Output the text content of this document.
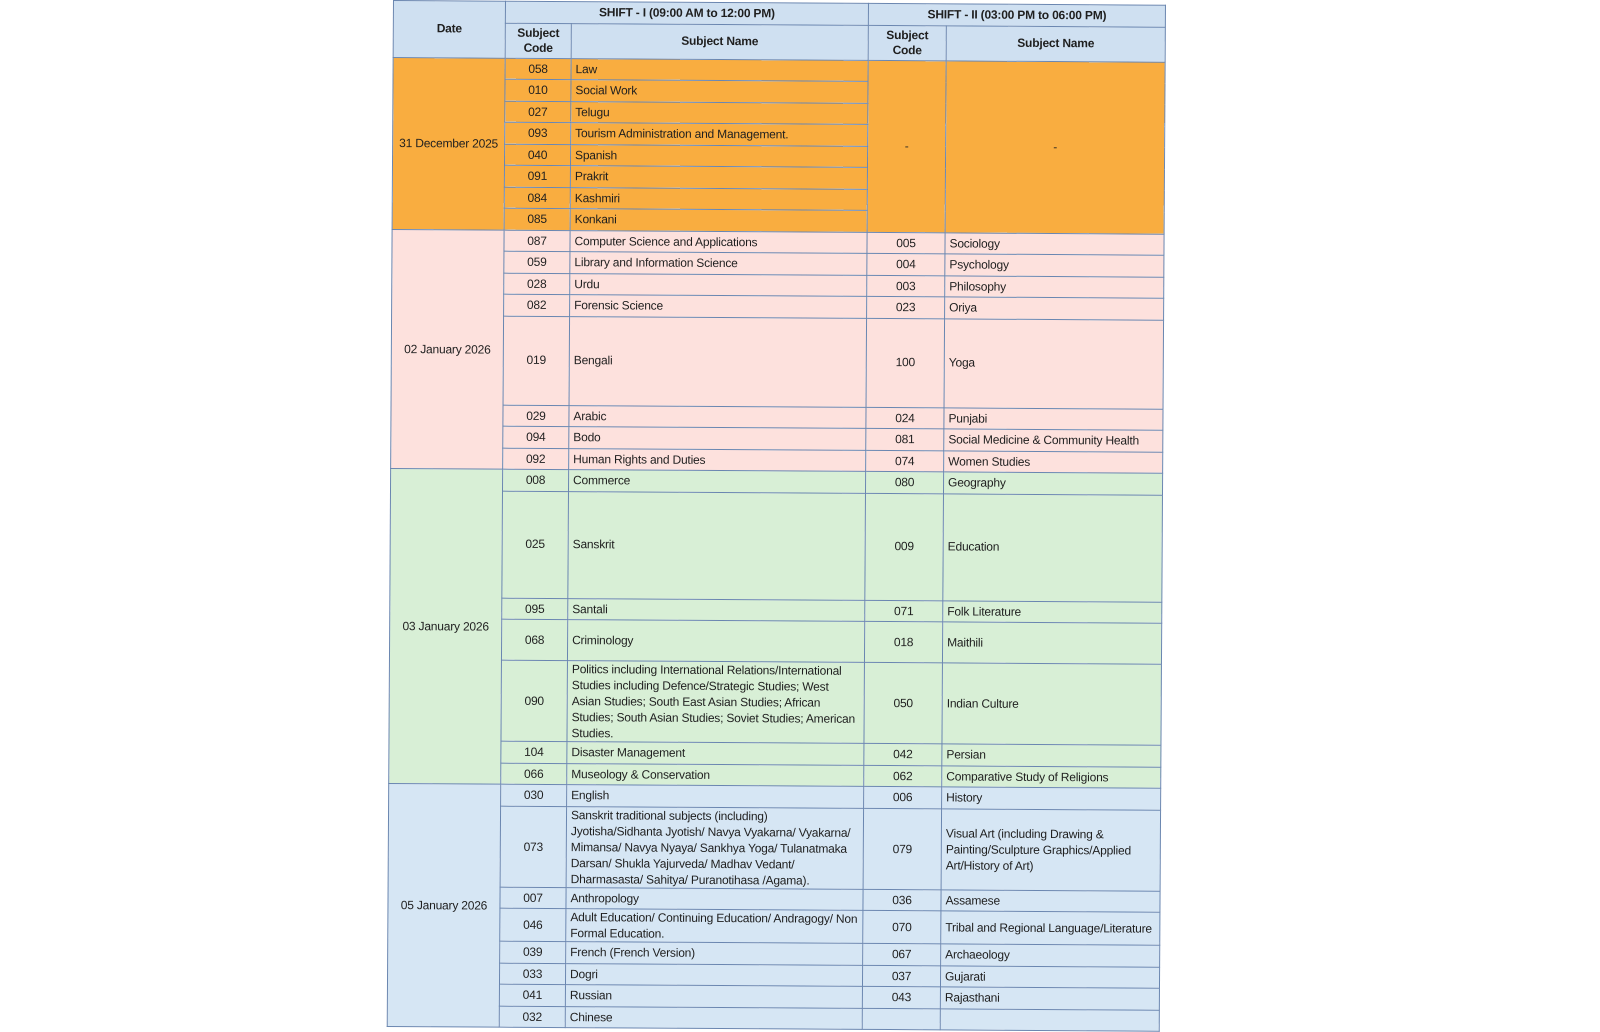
Date	SHIFT - I (09:00 AM to 12:00 PM)		SHIFT - II (03:00 PM to 06:00 PM)	
	Subject Code	Subject Name	Subject Code	Subject Name
31 December 2025	058	Law	-	-
	010	Social Work		
	027	Telugu		
	093	Tourism Administration and Management.		
	040	Spanish		
	091	Prakrit		
	084	Kashmiri		
	085	Konkani		
02 January 2026	087	Computer Science and Applications	005	Sociology
	059	Library and Information Science	004	Psychology
	028	Urdu	003	Philosophy
	082	Forensic Science	023	Oriya
	019	Bengali	100	Yoga
	029	Arabic	024	Punjabi
	094	Bodo	081	Social Medicine & Community Health
	092	Human Rights and Duties	074	Women Studies
03 January 2026	008	Commerce	080	Geography
	025	Sanskrit	009	Education
	095	Santali	071	Folk Literature
	068	Criminology	018	Maithili
	090	Politics including International Relations/International Studies including Defence/Strategic Studies; West Asian Studies; South East Asian Studies; African Studies; South Asian Studies; Soviet Studies; American Studies.	050	Indian Culture
	104	Disaster Management	042	Persian
	066	Museology & Conservation	062	Comparative Study of Religions
05 January 2026	030	English	006	History
	073	Sanskrit traditional subjects (including) Jyotisha/Sidhanta Jyotish/ Navya Vyakarna/ Vyakarna/ Mimansa/ Navya Nyaya/ Sankhya Yoga/ Tulanatmaka Darsan/ Shukla Yajurveda/ Madhav Vedant/ Dharmasasta/ Sahitya/ Puranotihasa /Agama).	079	Visual Art (including Drawing & Painting/Sculpture Graphics/Applied Art/History of Art)
	007	Anthropology	036	Assamese
	046	Adult Education/ Continuing Education/ Andragogy/ Non Formal Education.	070	Tribal and Regional Language/Literature
	039	French (French Version)	067	Archaeology
	033	Dogri	037	Gujarati
	041	Russian	043	Rajasthani
	032	Chinese		
